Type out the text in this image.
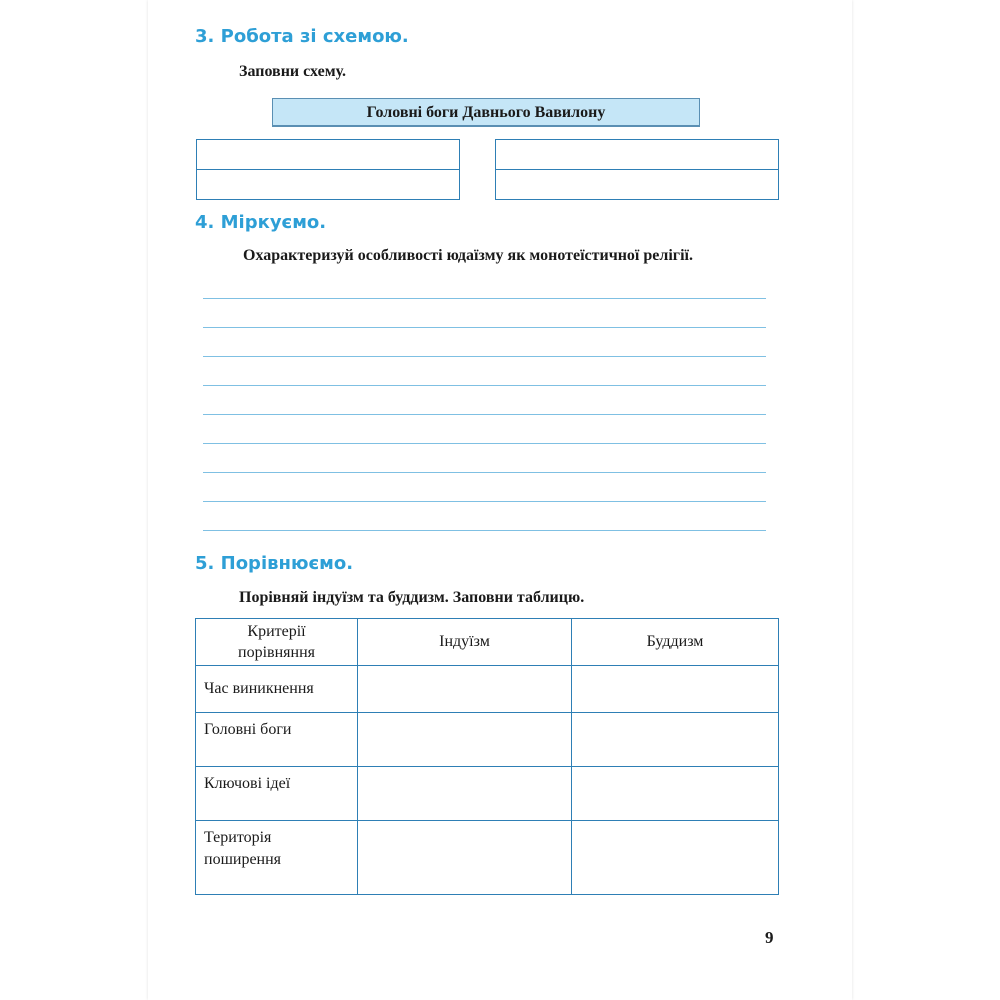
3. Робота зі схемою.
Заповни схему.
Головні боги Давнього Вавилону
4. Міркуємо.
Охарактеризуй особливості юдаїзму як монотеїстичної релігії.
5. Порівнюємо.
Порівняй індуїзм та буддизм. Заповни таблицю.
Критерії
порівняння	Індуїзм	Буддизм

Час виникнення		

Головні боги		

Ключові ідеї		

Територія
поширення		

9
